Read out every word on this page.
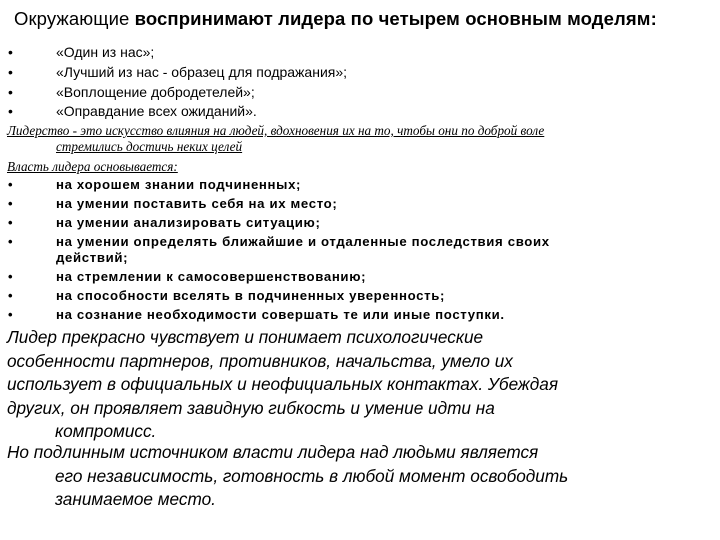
Окружающие воспринимают лидера по четырем основным моделям:
•	«Один из нас»;
•	«Лучший из нас - образец для подражания»;
•	«Воплощение добродетелей»;
•	«Оправдание всех ожиданий».
Лидерство - это искусство влияния на людей, вдохновения их на то, чтобы они по доброй воле
стремились достичь неких целей
Власть лидера основывается:
•	на хорошем знании подчиненных;
•	на умении поставить себя на их место;
•	на умении анализировать ситуацию;
•	на умении определять ближайшие и отдаленные последствия своих
действий;
•	на стремлении к самосовершенствованию;
•	на способности вселять в подчиненных уверенность;
•	на сознание необходимости совершать те или иные поступки.
Лидер прекрасно чувствует и понимает психологические
особенности партнеров, противников, начальства, умело их
использует в официальных и неофициальных контактах. Убеждая
других, он проявляет завидную гибкость и умение идти на
компромисс.
Но подлинным источником власти лидера над людьми является
его независимость, готовность в любой момент освободить
занимаемое место.
